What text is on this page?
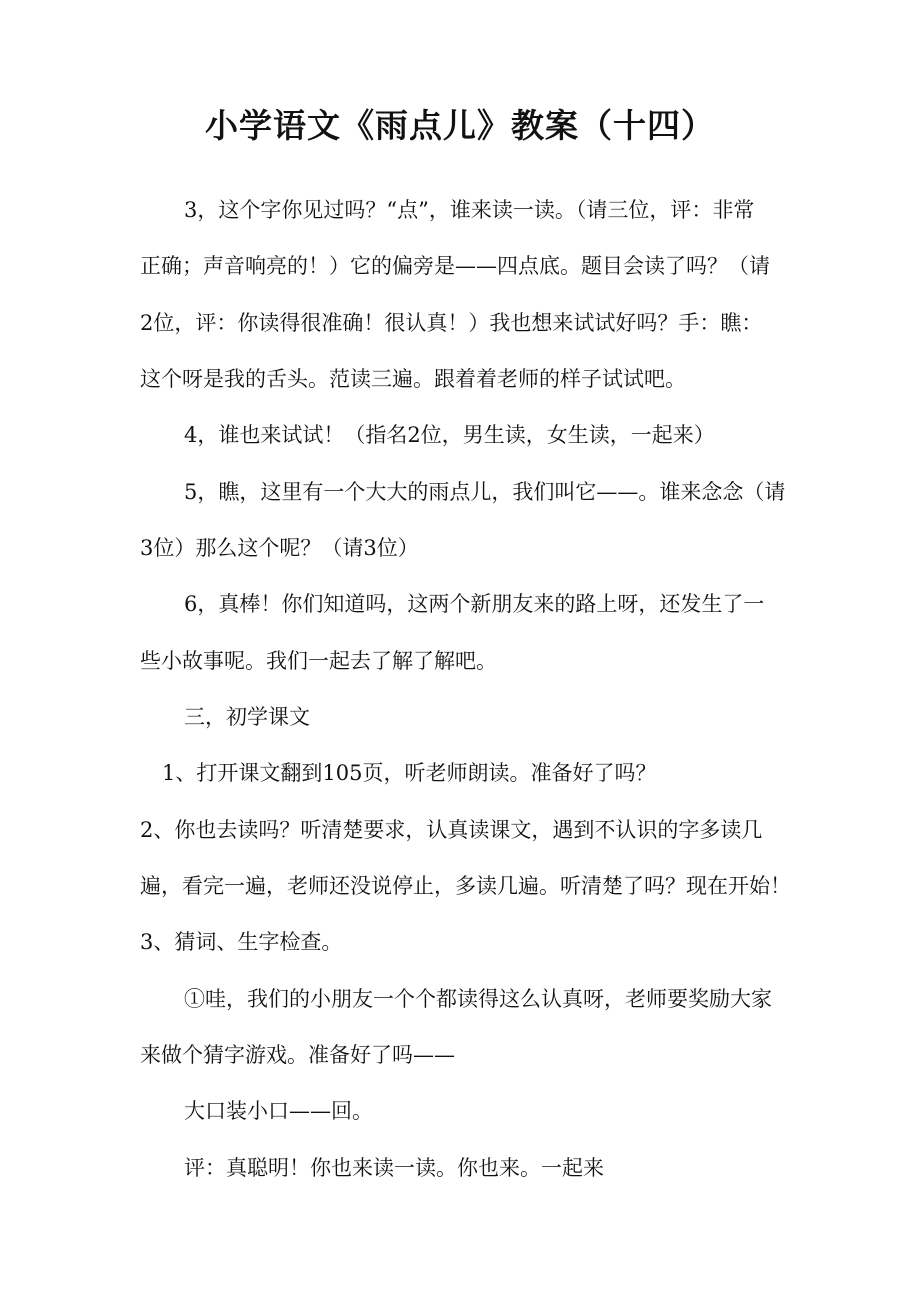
小学语文《雨点儿》教案（十四）

3，这个字你见过吗？“点”，谁来读一读。（请三位，评：非常

正确；声音响亮的！）它的偏旁是——四点底。题目会读了吗？（请

2位，评：你读得很准确！很认真！）我也想来试试好吗？手：瞧：

这个呀是我的舌头。范读三遍。跟着着老师的样子试试吧。

4，谁也来试试！（指名2位，男生读，女生读，一起来）

5，瞧，这里有一个大大的雨点儿，我们叫它——。谁来念念（请

3位）那么这个呢？（请3位）

6，真棒！你们知道吗，这两个新朋友来的路上呀，还发生了一

些小故事呢。我们一起去了解了解吧。

三，初学课文

1、打开课文翻到105页，听老师朗读。准备好了吗？

2、你也去读吗？听清楚要求，认真读课文，遇到不认识的字多读几

遍，看完一遍，老师还没说停止，多读几遍。听清楚了吗？现在开始！

3、猜词、生字检查。

①哇，我们的小朋友一个个都读得这么认真呀，老师要奖励大家

来做个猜字游戏。准备好了吗——

大口装小口——回。

评：真聪明！你也来读一读。你也来。一起来
